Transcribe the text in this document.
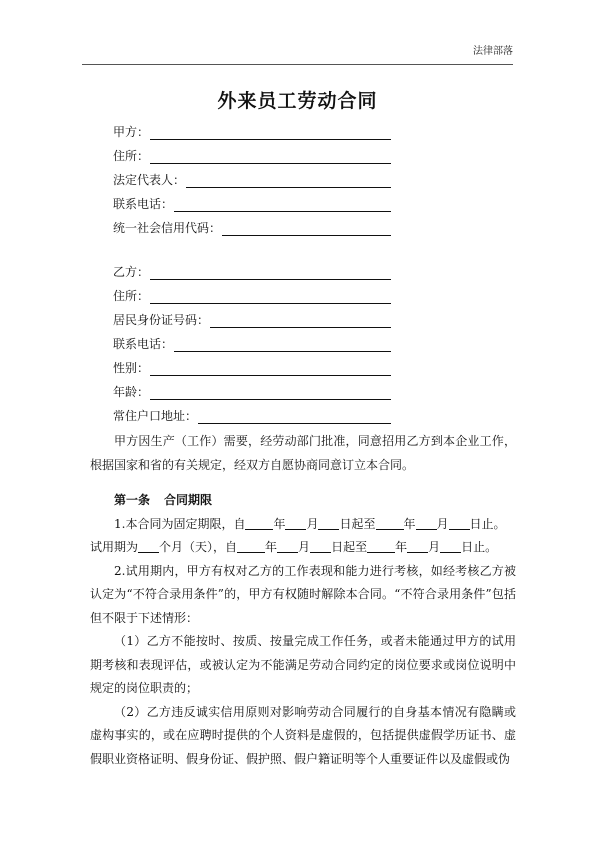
法律部落
外来员工劳动合同
甲方：
住所：
法定代表人：
联系电话：
统一社会信用代码：
乙方：
住所：
居民身份证号码：
联系电话：
性别：
年龄：
常住户口地址：

甲方因生产（工作）需要，经劳动部门批准，同意招用乙方到本企业工作，根据国家和省的有关规定，经双方自愿协商同意订立本合同。

第一条 合同期限

1.本合同为固定期限，自 年 月 日起至 年 月 日止。

试用期为 个月（天），自 年 月 日起至 年 月 日止。

2.试用期内，甲方有权对乙方的工作表现和能力进行考核，如经考核乙方被认定为“不符合录用条件”的，甲方有权随时解除本合同。“不符合录用条件”包括但不限于下述情形：

（1）乙方不能按时、按质、按量完成工作任务，或者未能通过甲方的试用期考核和表现评估，或被认定为不能满足劳动合同约定的岗位要求或岗位说明中规定的岗位职责的；

（2）乙方违反诚实信用原则对影响劳动合同履行的自身基本情况有隐瞒或虚构事实的，或在应聘时提供的个人资料是虚假的，包括提供虚假学历证书、虚假职业资格证明、假身份证、假护照、假户籍证明等个人重要证件以及虚假或伪
